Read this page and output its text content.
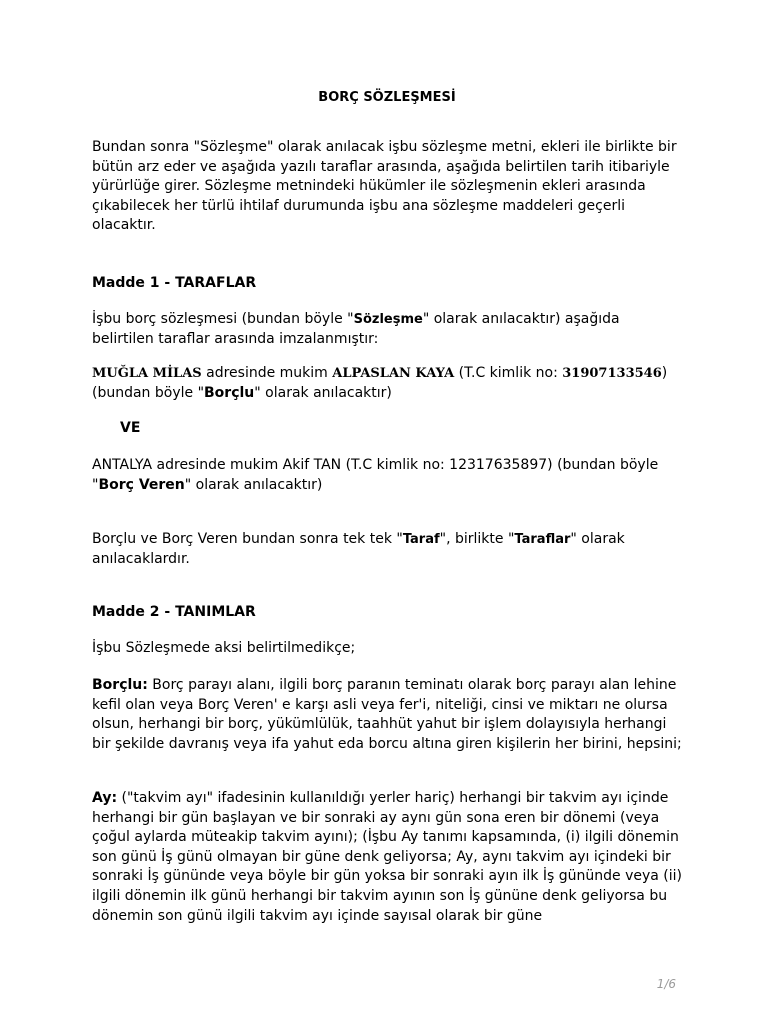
BORÇ SÖZLEŞMESİ

Bundan sonra "Sözleşme" olarak anılacak işbu sözleşme metni, ekleri ile birlikte bir bütün arz eder ve aşağıda yazılı taraflar arasında, aşağıda belirtilen tarih itibariyle yürürlüğe girer. Sözleşme metnindeki hükümler ile sözleşmenin ekleri arasında çıkabilecek her türlü ihtilaf durumunda işbu ana sözleşme maddeleri geçerli olacaktır.

Madde 1 - TARAFLAR

İşbu borç sözleşmesi (bundan böyle "Sözleşme" olarak anılacaktır) aşağıda belirtilen taraflar arasında imzalanmıştır:

MUĞLA MİLAS adresinde mukim ALPASLAN KAYA (T.C kimlik no: 31907133546) (bundan böyle "Borçlu" olarak anılacaktır)

VE

ANTALYA adresinde mukim Akif TAN (T.C kimlik no: 12317635897) (bundan böyle "Borç Veren" olarak anılacaktır)

Borçlu ve Borç Veren bundan sonra tek tek "Taraf", birlikte "Taraflar" olarak anılacaklardır.

Madde 2 - TANIMLAR

İşbu Sözleşmede aksi belirtilmedikçe;

Borçlu: Borç parayı alanı, ilgili borç paranın teminatı olarak borç parayı alan lehine kefil olan veya Borç Veren' e karşı asli veya fer'i, niteliği, cinsi ve miktarı ne olursa olsun, herhangi bir borç, yükümlülük, taahhüt yahut bir işlem dolayısıyla herhangi bir şekilde davranış veya ifa yahut eda borcu altına giren kişilerin her birini, hepsini;

Ay: ("takvim ayı" ifadesinin kullanıldığı yerler hariç) herhangi bir takvim ayı içinde herhangi bir gün başlayan ve bir sonraki ay aynı gün sona eren bir dönemi (veya çoğul aylarda müteakip takvim ayını); (İşbu Ay tanımı kapsamında, (i) ilgili dönemin son günü İş günü olmayan bir güne denk geliyorsa; Ay, aynı takvim ayı içindeki bir sonraki İş gününde veya böyle bir gün yoksa bir sonraki ayın ilk İş gününde veya (ii) ilgili dönemin ilk günü herhangi bir takvim ayının son İş gününe denk geliyorsa bu dönemin son günü ilgili takvim ayı içinde sayısal olarak bir güne

1/6
